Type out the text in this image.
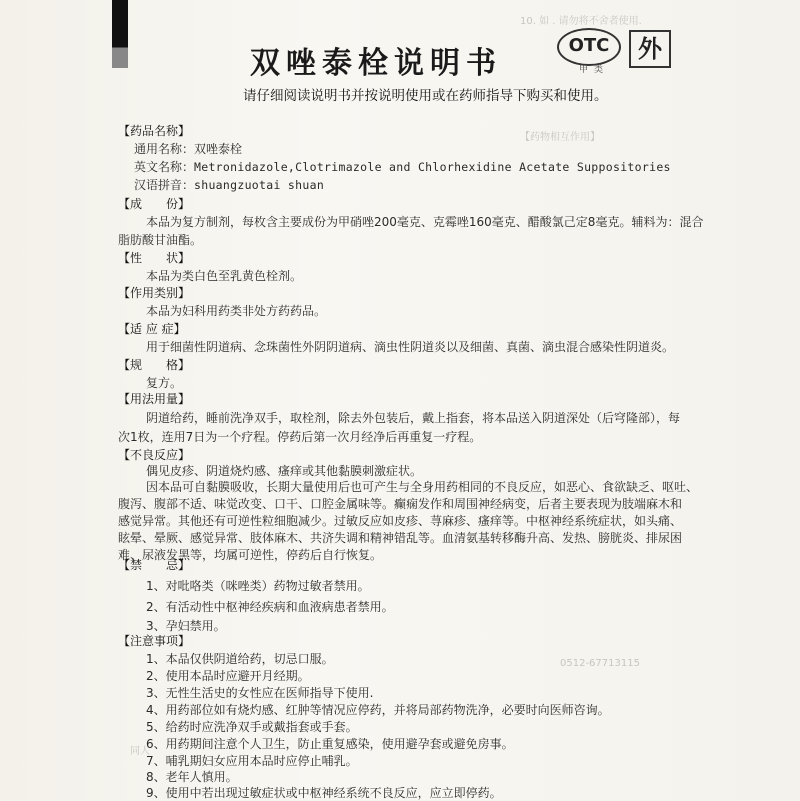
10. 如 . 请勿将不舍者使用.
【药物相互作用】
0512-67713115
同人
双唑泰栓说明书
OTC
甲类
外
请仔细阅读说明书并按说明使用或在药师指导下购买和使用。
【药品名称】
通用名称：双唑泰栓
英文名称：Metronidazole,Clotrimazole and Chlorhexidine Acetate Suppositories
汉语拼音：shuangzuotai shuan
【成　　份】
本品为复方制剂，每枚含主要成份为甲硝唑200毫克、克霉唑160毫克、醋酸氯己定8毫克。辅料为：混合
脂肪酸甘油酯。
【性　　状】
本品为类白色至乳黄色栓剂。
【作用类别】
本品为妇科用药类非处方药药品。
【适 应 症】
用于细菌性阴道病、念珠菌性外阴阴道病、滴虫性阴道炎以及细菌、真菌、滴虫混合感染性阴道炎。
【规　　格】
复方。
【用法用量】
阴道给药，睡前洗净双手，取栓剂，除去外包装后，戴上指套，将本品送入阴道深处（后穹隆部），每
次1枚，连用7日为一个疗程。停药后第一次月经净后再重复一疗程。
【不良反应】
偶见皮疹、阴道烧灼感、瘙痒或其他黏膜刺激症状。
因本品可自黏膜吸收，长期大量使用后也可产生与全身用药相同的不良反应，如恶心、食欲缺乏、呕吐、
腹泻、腹部不适、味觉改变、口干、口腔金属味等。癫痫发作和周围神经病变，后者主要表现为肢端麻木和
感觉异常。其他还有可逆性粒细胞减少。过敏反应如皮疹、荨麻疹、瘙痒等。中枢神经系统症状，如头痛、
眩晕、晕厥、感觉异常、肢体麻木、共济失调和精神错乱等。血清氨基转移酶升高、发热、膀胱炎、排尿困
难、尿液发黑等，均属可逆性，停药后自行恢复。
【禁　　忌】
1、对吡咯类（咪唑类）药物过敏者禁用。
2、有活动性中枢神经疾病和血液病患者禁用。
3、孕妇禁用。
【注意事项】
1、本品仅供阴道给药，切忌口服。
2、使用本品时应避开月经期。
3、无性生活史的女性应在医师指导下使用.
4、用药部位如有烧灼感、红肿等情况应停药，并将局部药物洗净，必要时向医师咨询。
5、给药时应洗净双手或戴指套或手套。
6、用药期间注意个人卫生，防止重复感染，使用避孕套或避免房事。
7、哺乳期妇女应用本品时应停止哺乳。
8、老年人慎用。
9、使用中若出现过敏症状或中枢神经系统不良反应，应立即停药。
